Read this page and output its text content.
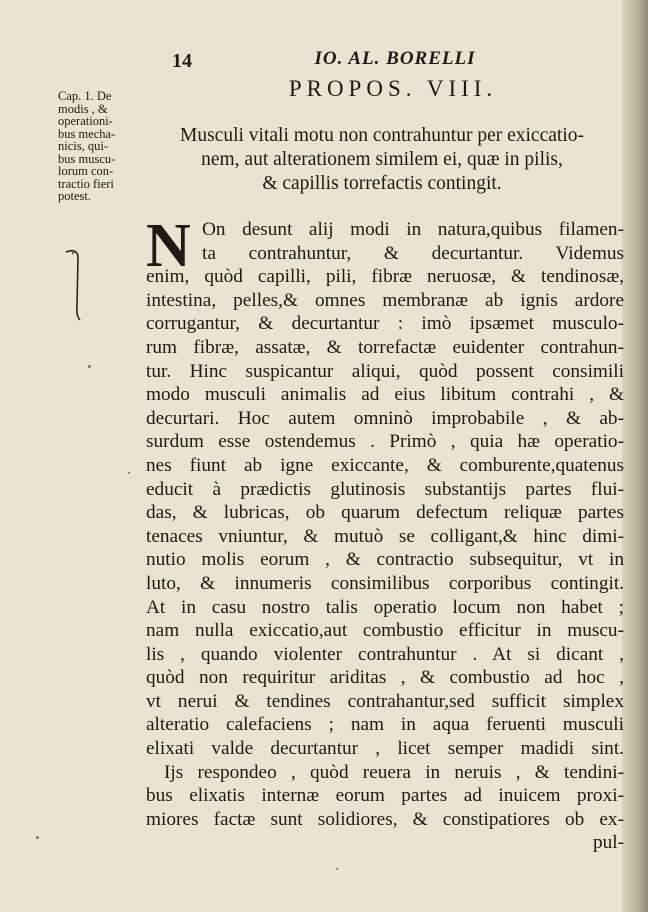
14	IO. AL. BORELLI
PROPOS. VIII.
Cap. 1. De
modis , &
operationi-
bus mecha-
nicis, qui-
bus muscu-
lorum con-
tractio fieri
potest.
Musculi vitali motu non contrahuntur per exiccatio-
nem, aut alterationem similem ei, quæ in pilis,
& capillis torrefactis contingit.
N On desunt alij modi in natura,quibus filamen-
ta contrahuntur, & decurtantur. Videmus
enim, quòd capilli, pili, fibræ neruosæ, & tendinosæ,
intestina, pelles,& omnes membranæ ab ignis ardore
corrugantur, & decurtantur : imò ipsæmet musculo-
rum fibræ, assatæ, & torrefactæ euidenter contrahun-
tur. Hinc suspicantur aliqui, quòd possent consimili
modo musculi animalis ad eius libitum contrahi , &
decurtari. Hoc autem omninò improbabile , & ab-
surdum esse ostendemus . Primò , quia hæ operatio-
nes fiunt ab igne exiccante, & comburente,quatenus
educit à prædictis glutinosis substantijs partes flui-
das, & lubricas, ob quarum defectum reliquæ partes
tenaces vniuntur, & mutuò se colligant,& hinc dimi-
nutio molis eorum , & contractio subsequitur, vt in
luto, & innumeris consimilibus corporibus contingit.
At in casu nostro talis operatio locum non habet ;
nam nulla exiccatio,aut combustio efficitur in muscu-
lis , quando violenter contrahuntur . At si dicant ,
quòd non requiritur ariditas , & combustio ad hoc ,
vt nerui & tendines contrahantur,sed sufficit simplex
alteratio calefaciens ; nam in aqua feruenti musculi
elixati valde decurtantur , licet semper madidi sint.
Ijs respondeo , quòd reuera in neruis , & tendini-
bus elixatis internæ eorum partes ad inuicem proxi-
miores factæ sunt solidiores, & constipatiores ob ex-
pul-
